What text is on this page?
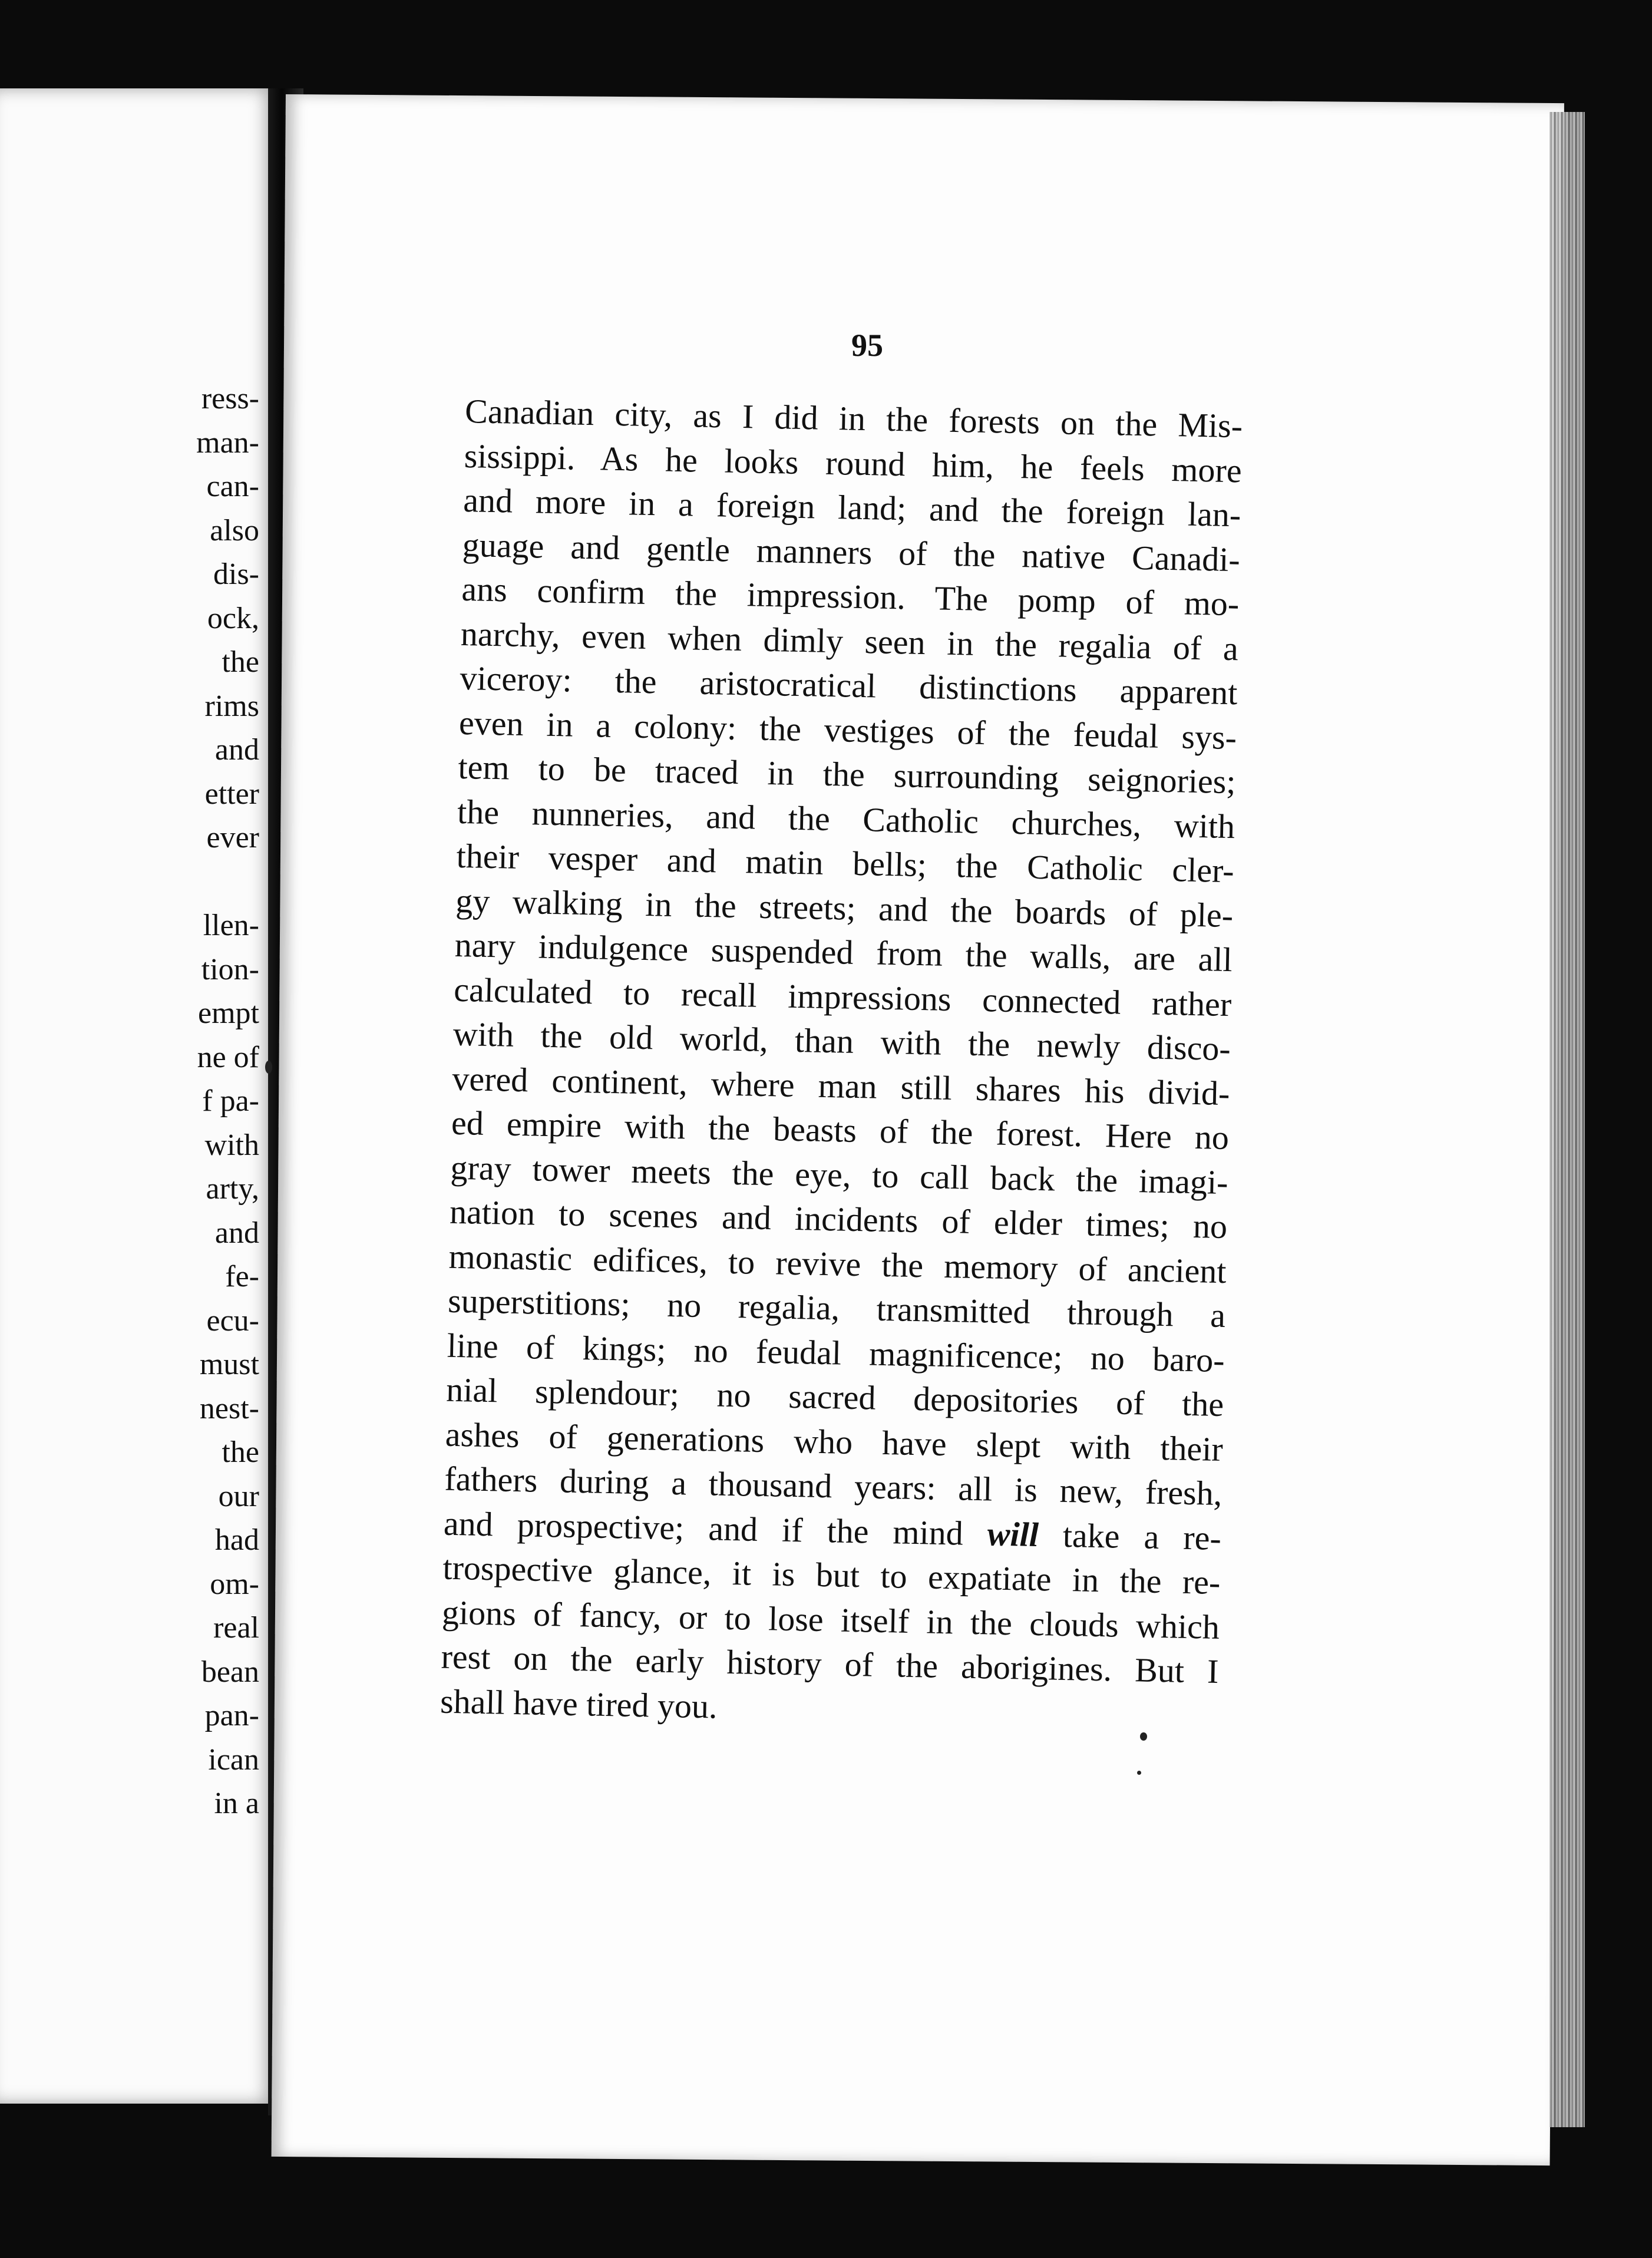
ress-
man-
can-
also
dis-
ock,
the
rims
and
etter
ever
llen-
tion-
empt
ne of
f pa-
with
arty,
and
fe-
ecu-
must
nest-
the
our
had
om-
real
bean
pan-
ican
in a
95
Canadian city, as I did in the forests on the Mis-
sissippi. As he looks round him, he feels more
and more in a foreign land; and the foreign lan-
guage and gentle manners of the native Canadi-
ans confirm the impression. The pomp of mo-
narchy, even when dimly seen in the regalia of a
viceroy: the aristocratical distinctions apparent
even in a colony: the vestiges of the feudal sys-
tem to be traced in the surrounding seignories;
the nunneries, and the Catholic churches, with
their vesper and matin bells; the Catholic cler-
gy walking in the streets; and the boards of ple-
nary indulgence suspended from the walls, are all
calculated to recall impressions connected rather
with the old world, than with the newly disco-
vered continent, where man still shares his divid-
ed empire with the beasts of the forest. Here no
gray tower meets the eye, to call back the imagi-
nation to scenes and incidents of elder times; no
monastic edifices, to revive the memory of ancient
superstitions; no regalia, transmitted through a
line of kings; no feudal magnificence; no baro-
nial splendour; no sacred depositories of the
ashes of generations who have slept with their
fathers during a thousand years: all is new, fresh,
and prospective; and if the mind will take a re-
trospective glance, it is but to expatiate in the re-
gions of fancy, or to lose itself in the clouds which
rest on the early history of the aborigines. But I
shall have tired you.
